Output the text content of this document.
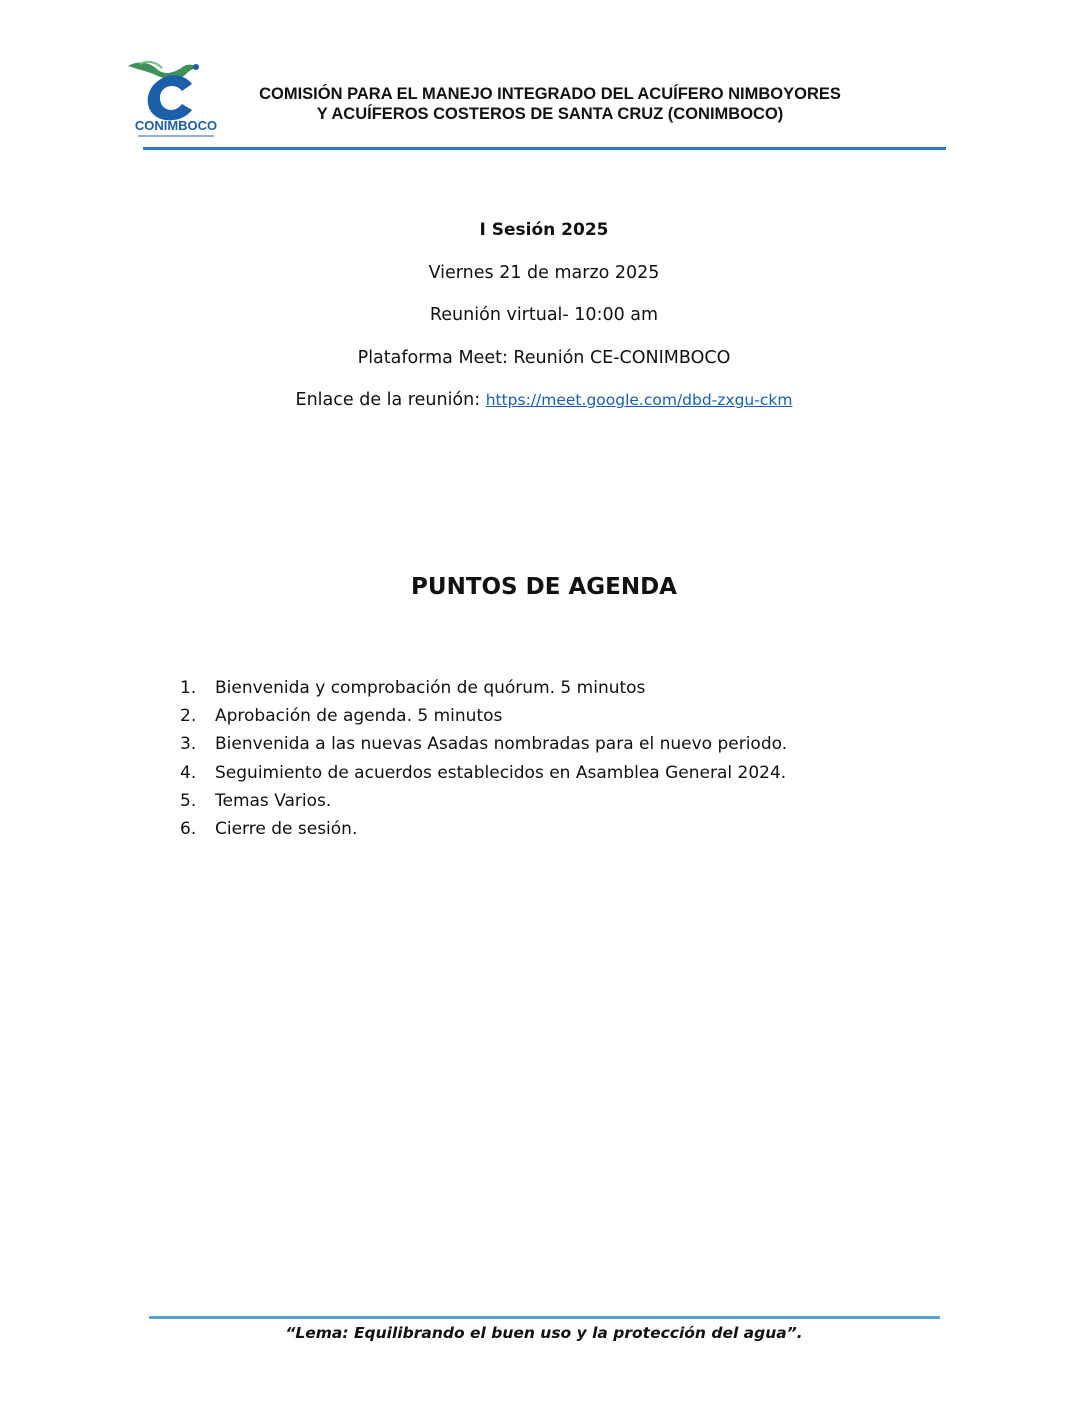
CONIMBOCO
COMISIÓN PARA EL MANEJO INTEGRADO DEL ACUÍFERO NIMBOYORES
Y ACUÍFEROS COSTEROS DE SANTA CRUZ (CONIMBOCO)
I Sesión 2025
Viernes 21 de marzo 2025
Reunión virtual- 10:00 am
Plataforma Meet: Reunión CE-CONIMBOCO
Enlace de la reunión: https://meet.google.com/dbd-zxgu-ckm
PUNTOS DE AGENDA
1. Bienvenida y comprobación de quórum. 5 minutos
2. Aprobación de agenda. 5 minutos
3. Bienvenida a las nuevas Asadas nombradas para el nuevo periodo.
4. Seguimiento de acuerdos establecidos en Asamblea General 2024.
5. Temas Varios.
6. Cierre de sesión.
“Lema: Equilibrando el buen uso y la protección del agua”.
